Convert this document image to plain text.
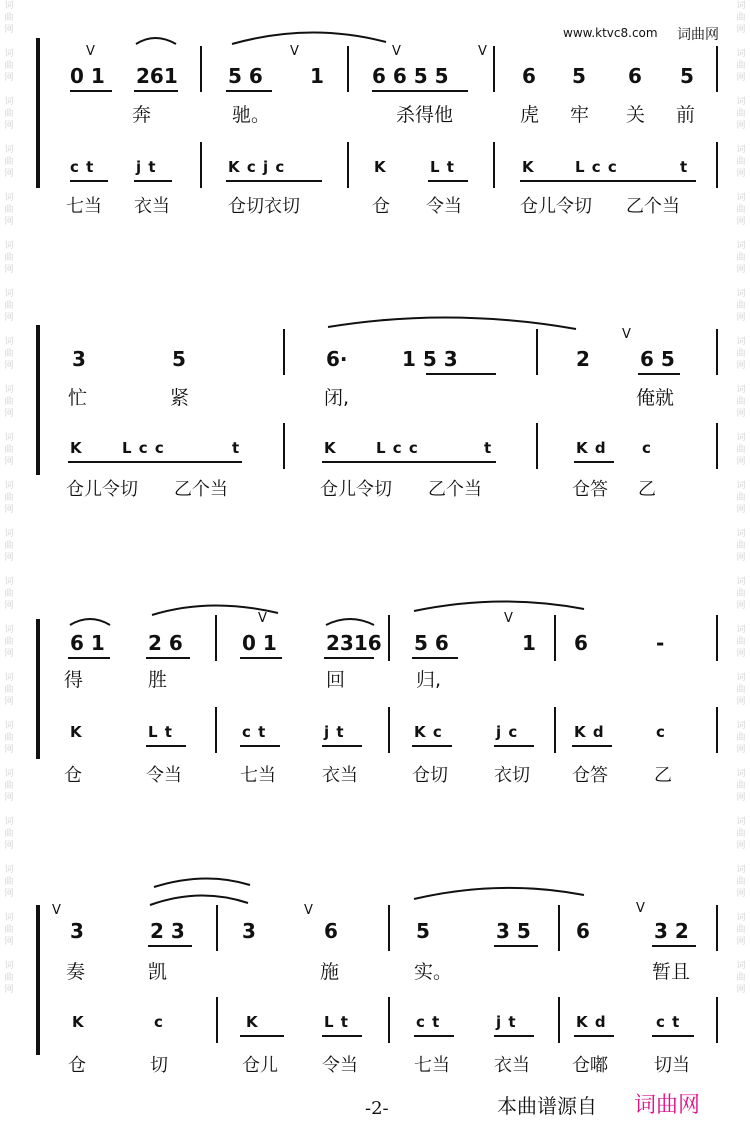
词曲网

词曲网

词曲网

词曲网

词曲网

词曲网

词曲网

词曲网

词曲网

词曲网

词曲网

词曲网

词曲网

词曲网

词曲网

词曲网

词曲网

词曲网

词曲网

词曲网

词曲网
词曲网

词曲网

词曲网

词曲网

词曲网

词曲网

词曲网

词曲网

词曲网

词曲网

词曲网

词曲网

词曲网

词曲网

词曲网

词曲网

词曲网

词曲网

词曲网

词曲网

词曲网
www.ktvc8.com 词曲网
V	V	V	V
0 1 261	5 6 1 6 6 5 5	6 5 6 5
奔	驰。	杀得他	虎 牢 关 前
c t	j t	K c j c	K	L t	K	L c c	t
七当 衣当	仓切衣切	仓 令当	仓儿令切 乙个当
V
3	5	6·	1 5 3	2	6 5
忙	紧	闭,	俺就
K	L c c	t	K	L c c	t	K d c
仓儿令切 乙个当	仓儿令切 乙个当	仓答 乙
V	V
6 1 2 6	0 1 2316 5 6	1 6	-
得	胜	回	归,
K	L t	c t	j t	K c	j c	K d	c
仓	令当	七当	衣当	仓切	衣切 仓答	乙
V	V	V
3	2 3	3	6	5	3 5 6	3 2
奏	凯	施	实。	暂且
K	c	K	L t	c t	j t	K d	c t
仓	切	仓儿 令当	七当 衣当 仓嘟	切当
-2-	本曲谱源自 词曲网
